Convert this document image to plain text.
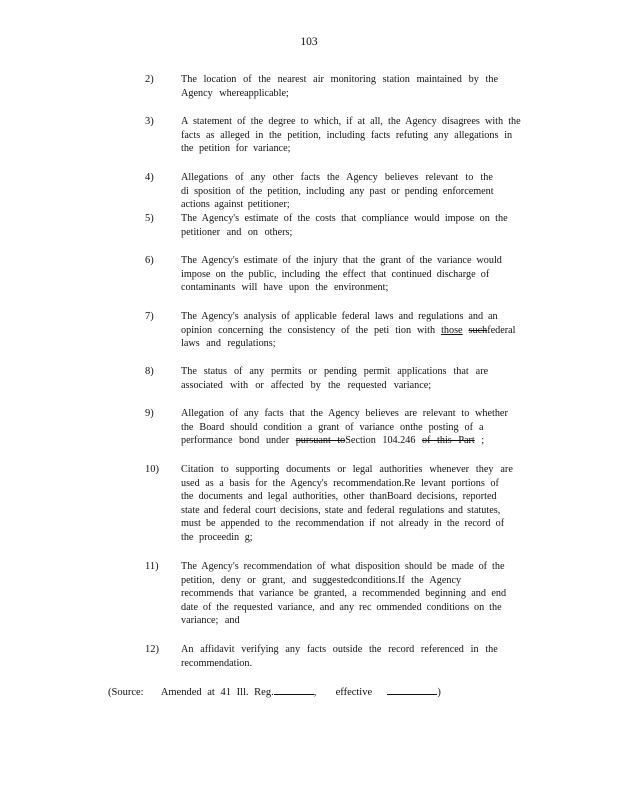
103
2)	The location of the nearest air monitoring station maintained by the
Agency whereapplicable;
3)	A statement of the degree to which, if at all, the Agency disagrees with the
facts as alleged in the petition, including facts refuting any allegations in
the petition for variance;
4)	Allegations of any other facts the Agency believes relevant to the
di sposition of the petition, including any past or pending enforcement
actions against petitioner;
5)	The Agency's estimate of the costs that compliance would impose on the
petitioner and on others;
6)	The Agency's estimate of the injury that the grant of the variance would
impose on the public, including the effect that continued discharge of
contaminants will have upon the environment;
7)	The Agency's analysis of applicable federal laws and regulations and an
opinion concerning the consistency of the peti tion with those suchfederal
laws and regulations;
8)	The status of any permits or pending permit applications that are
associated with or affected by the requested variance;
9)	Allegation of any facts that the Agency believes are relevant to whether
the Board should condition a grant of variance onthe posting of a
performance bond under pursuant toSection 104.246 of this Part ;
10)	Citation to supporting documents or legal authorities whenever they are
used as a basis for the Agency's recommendation.Re levant portions of
the documents and legal authorities, other thanBoard decisions, reported
state and federal court decisions, state and federal regulations and statutes,
must be appended to the recommendation if not already in the record of
the proceedin g;
11)	The Agency's recommendation of what disposition should be made of the
petition, deny or grant, and suggestedconditions.If the Agency
recommends that variance be granted, a recommended beginning and end
date of the requested variance, and any rec ommended conditions on the
variance; and
12)	An affidavit verifying any facts outside the record referenced in the
recommendation.
(Source: Amended at 41 Ill. Reg.	, effective	)
